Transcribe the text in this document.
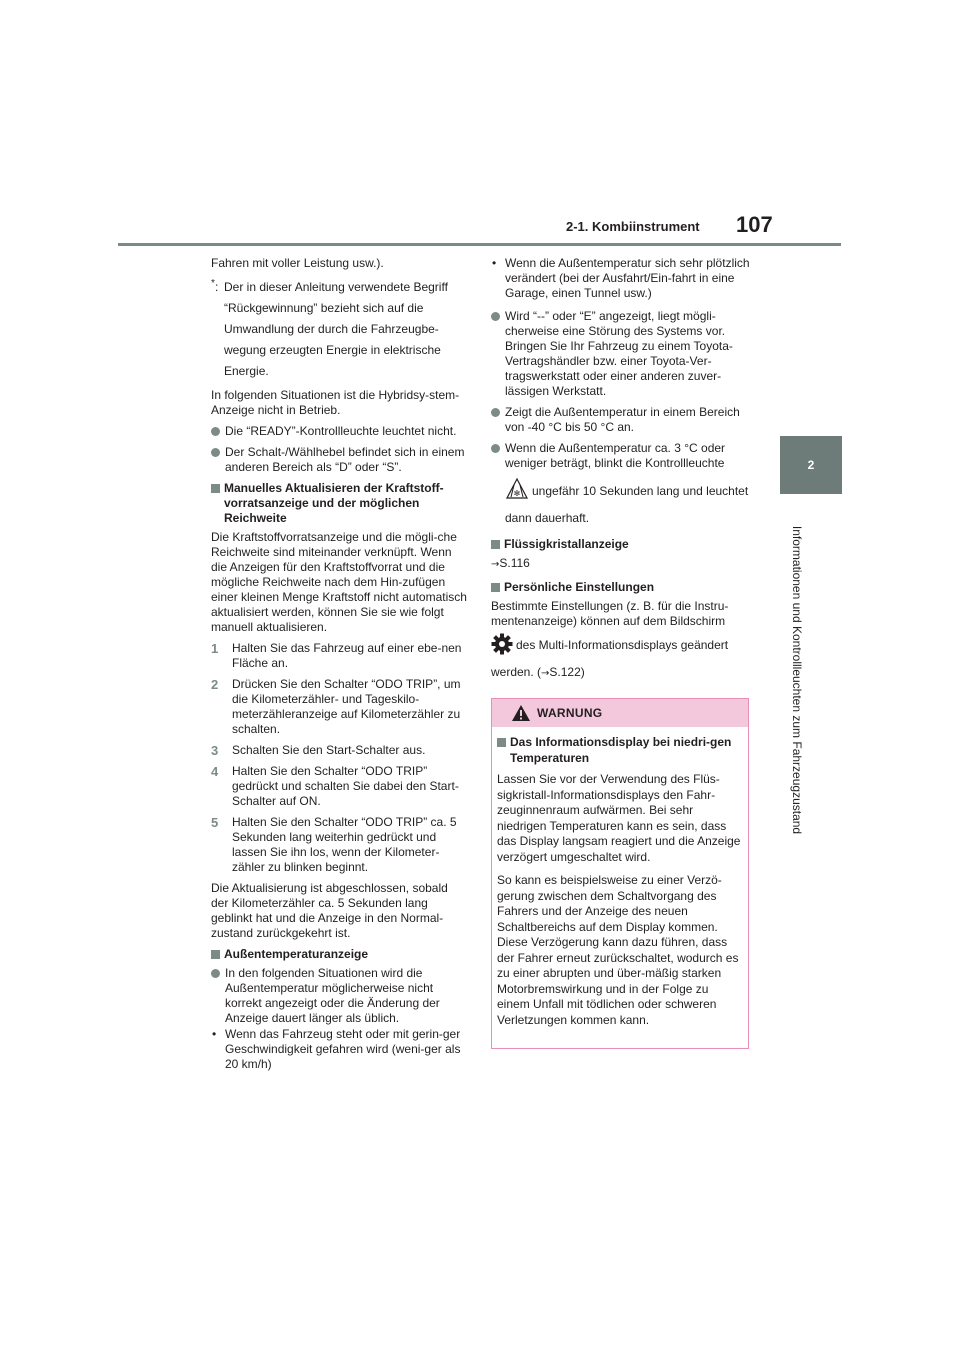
2-1. Kombiinstrument 107
2
Informationen und Kontrollleuchten zum Fahrzeugzustand
Fahren mit voller Leistung usw.).
* : Der in dieser Anleitung verwendete Begriff
“Rückgewinnung” bezieht sich auf die
Umwandlung der durch die Fahrzeugbe-
wegung erzeugten Energie in elektrische
Energie.
In folgenden Situationen ist die Hybridsy-stem-Anzeige nicht in Betrieb.
Die “READY”-Kontrollleuchte leuchtet nicht.
Der Schalt-/Wählhebel befindet sich in einem anderen Bereich als “D” oder “S”.
Manuelles Aktualisieren der Kraftstoff-vorratsanzeige und der möglichen Reichweite
Die Kraftstoffvorratsanzeige und die mögli-che Reichweite sind miteinander verknüpft. Wenn die Anzeigen für den Kraftstoffvorrat und die mögliche Reichweite nach dem Hin-zufügen einer kleinen Menge Kraftstoff nicht automatisch aktualisiert werden, können Sie sie wie folgt manuell aktualisieren.
1 Halten Sie das Fahrzeug auf einer ebe-nen Fläche an.
2 Drücken Sie den Schalter “ODO TRIP”, um die Kilometerzähler- und Tageskilo-meterzähleranzeige auf Kilometerzähler zu schalten.
3 Schalten Sie den Start-Schalter aus.
4 Halten Sie den Schalter “ODO TRIP” gedrückt und schalten Sie dabei den Start-Schalter auf ON.
5 Halten Sie den Schalter “ODO TRIP” ca. 5 Sekunden lang weiterhin gedrückt und lassen Sie ihn los, wenn der Kilometer-zähler zu blinken beginnt.
Die Aktualisierung ist abgeschlossen, sobald der Kilometerzähler ca. 5 Sekunden lang geblinkt hat und die Anzeige in den Normal-zustand zurückgekehrt ist.
Außentemperaturanzeige
In den folgenden Situationen wird die Außentemperatur möglicherweise nicht korrekt angezeigt oder die Änderung der Anzeige dauert länger als üblich.
• Wenn das Fahrzeug steht oder mit gerin-ger Geschwindigkeit gefahren wird (weni-ger als 20 km/h)
• Wenn die Außentemperatur sich sehr plötzlich verändert (bei der Ausfahrt/Ein-fahrt in eine Garage, einen Tunnel usw.)
Wird “--” oder “E” angezeigt, liegt mögli-cherweise eine Störung des Systems vor. Bringen Sie Ihr Fahrzeug zu einem Toyota-Vertragshändler bzw. einer Toyota-Ver-tragswerkstatt oder einer anderen zuver-lässigen Werkstatt.
Zeigt die Außentemperatur in einem Bereich von -40 °C bis 50 °C an.
Wenn die Außentemperatur ca. 3 °C oder weniger beträgt, blinkt die Kontrollleuchte
✻ ungefähr 10 Sekunden lang und leuchtet dann dauerhaft.
Flüssigkristallanzeige
→S.116
Persönliche Einstellungen
Bestimmte Einstellungen (z. B. für die Instru-mentenanzeige) können auf dem Bildschirm
des Multi-Informationsdisplays geändert werden. (→S.122)
WARNUNG
Das Informationsdisplay bei niedri-gen Temperaturen
Lassen Sie vor der Verwendung des Flüs-sigkristall-Informationsdisplays den Fahr-zeuginnenraum aufwärmen. Bei sehr niedrigen Temperaturen kann es sein, dass das Display langsam reagiert und die Anzeige verzögert umgeschaltet wird.
So kann es beispielsweise zu einer Verzö-gerung zwischen dem Schaltvorgang des Fahrers und der Anzeige des neuen Schaltbereichs auf dem Display kommen. Diese Verzögerung kann dazu führen, dass der Fahrer erneut zurückschaltet, wodurch es zu einer abrupten und über-mäßig starken Motorbremswirkung und in der Folge zu einem Unfall mit tödlichen oder schweren Verletzungen kommen kann.
